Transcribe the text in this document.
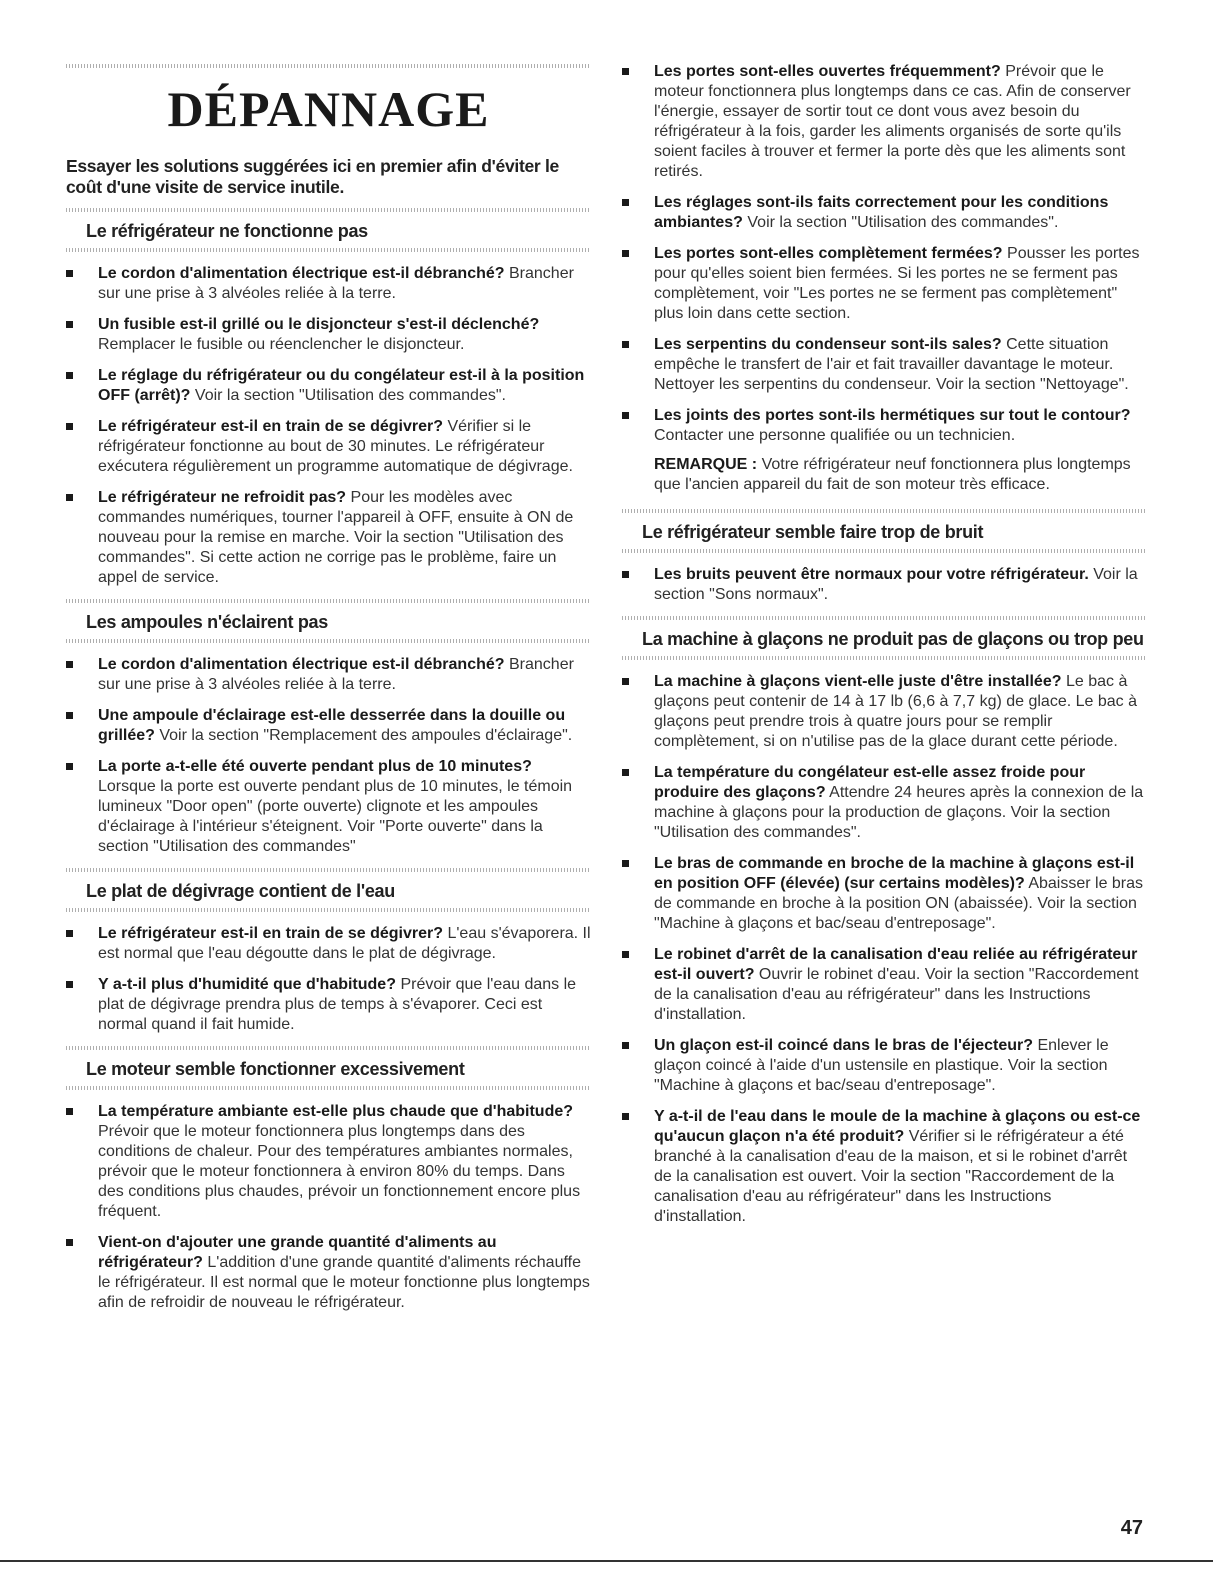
DÉPANNAGE

Essayer les solutions suggérées ici en premier afin d'éviter le coût d'une visite de service inutile.

Le réfrigérateur ne fonctionne pas
Le cordon d'alimentation électrique est-il débranché? Brancher sur une prise à 3 alvéoles reliée à la terre.
Un fusible est-il grillé ou le disjoncteur s'est-il déclenché? Remplacer le fusible ou réenclencher le disjoncteur.
Le réglage du réfrigérateur ou du congélateur est-il à la position OFF (arrêt)? Voir la section "Utilisation des commandes".
Le réfrigérateur est-il en train de se dégivrer? Vérifier si le réfrigérateur fonctionne au bout de 30 minutes. Le réfrigérateur exécutera régulièrement un programme automatique de dégivrage.
Le réfrigérateur ne refroidit pas? Pour les modèles avec commandes numériques, tourner l'appareil à OFF, ensuite à ON de nouveau pour la remise en marche. Voir la section "Utilisation des commandes". Si cette action ne corrige pas le problème, faire un appel de service.
Les ampoules n'éclairent pas
Le cordon d'alimentation électrique est-il débranché? Brancher sur une prise à 3 alvéoles reliée à la terre.
Une ampoule d'éclairage est-elle desserrée dans la douille ou grillée? Voir la section "Remplacement des ampoules d'éclairage".
La porte a-t-elle été ouverte pendant plus de 10 minutes? Lorsque la porte est ouverte pendant plus de 10 minutes, le témoin lumineux "Door open" (porte ouverte) clignote et les ampoules d'éclairage à l'intérieur s'éteignent. Voir "Porte ouverte" dans la section "Utilisation des commandes"
Le plat de dégivrage contient de l'eau
Le réfrigérateur est-il en train de se dégivrer? L'eau s'évaporera. Il est normal que l'eau dégoutte dans le plat de dégivrage.
Y a-t-il plus d'humidité que d'habitude? Prévoir que l'eau dans le plat de dégivrage prendra plus de temps à s'évaporer. Ceci est normal quand il fait humide.
Le moteur semble fonctionner excessivement
La température ambiante est-elle plus chaude que d'habitude? Prévoir que le moteur fonctionnera plus longtemps dans des conditions de chaleur. Pour des températures ambiantes normales, prévoir que le moteur fonctionnera à environ 80% du temps. Dans des conditions plus chaudes, prévoir un fonctionnement encore plus fréquent.
Vient-on d'ajouter une grande quantité d'aliments au réfrigérateur? L'addition d'une grande quantité d'aliments réchauffe le réfrigérateur. Il est normal que le moteur fonctionne plus longtemps afin de refroidir de nouveau le réfrigérateur.
Les portes sont-elles ouvertes fréquemment? Prévoir que le moteur fonctionnera plus longtemps dans ce cas. Afin de conserver l'énergie, essayer de sortir tout ce dont vous avez besoin du réfrigérateur à la fois, garder les aliments organisés de sorte qu'ils soient faciles à trouver et fermer la porte dès que les aliments sont retirés.
Les réglages sont-ils faits correctement pour les conditions ambiantes? Voir la section "Utilisation des commandes".
Les portes sont-elles complètement fermées? Pousser les portes pour qu'elles soient bien fermées. Si les portes ne se ferment pas complètement, voir "Les portes ne se ferment pas complètement" plus loin dans cette section.
Les serpentins du condenseur sont-ils sales? Cette situation empêche le transfert de l'air et fait travailler davantage le moteur. Nettoyer les serpentins du condenseur. Voir la section "Nettoyage".
Les joints des portes sont-ils hermétiques sur tout le contour? Contacter une personne qualifiée ou un technicien.
REMARQUE : Votre réfrigérateur neuf fonctionnera plus longtemps que l'ancien appareil du fait de son moteur très efficace.
Le réfrigérateur semble faire trop de bruit
Les bruits peuvent être normaux pour votre réfrigérateur. Voir la section "Sons normaux".
La machine à glaçons ne produit pas de glaçons ou trop peu
La machine à glaçons vient-elle juste d'être installée? Le bac à glaçons peut contenir de 14 à 17 lb (6,6 à 7,7 kg) de glace. Le bac à glaçons peut prendre trois à quatre jours pour se remplir complètement, si on n'utilise pas de la glace durant cette période.
La température du congélateur est-elle assez froide pour produire des glaçons? Attendre 24 heures après la connexion de la machine à glaçons pour la production de glaçons. Voir la section "Utilisation des commandes".
Le bras de commande en broche de la machine à glaçons est-il en position OFF (élevée) (sur certains modèles)? Abaisser le bras de commande en broche à la position ON (abaissée). Voir la section "Machine à glaçons et bac/seau d'entreposage".
Le robinet d'arrêt de la canalisation d'eau reliée au réfrigérateur est-il ouvert? Ouvrir le robinet d'eau. Voir la section "Raccordement de la canalisation d'eau au réfrigérateur" dans les Instructions d'installation.
Un glaçon est-il coincé dans le bras de l'éjecteur? Enlever le glaçon coincé à l'aide d'un ustensile en plastique. Voir la section "Machine à glaçons et bac/seau d'entreposage".
Y a-t-il de l'eau dans le moule de la machine à glaçons ou est-ce qu'aucun glaçon n'a été produit? Vérifier si le réfrigérateur a été branché à la canalisation d'eau de la maison, et si le robinet d'arrêt de la canalisation est ouvert. Voir la section "Raccordement de la canalisation d'eau au réfrigérateur" dans les Instructions d'installation.
47
